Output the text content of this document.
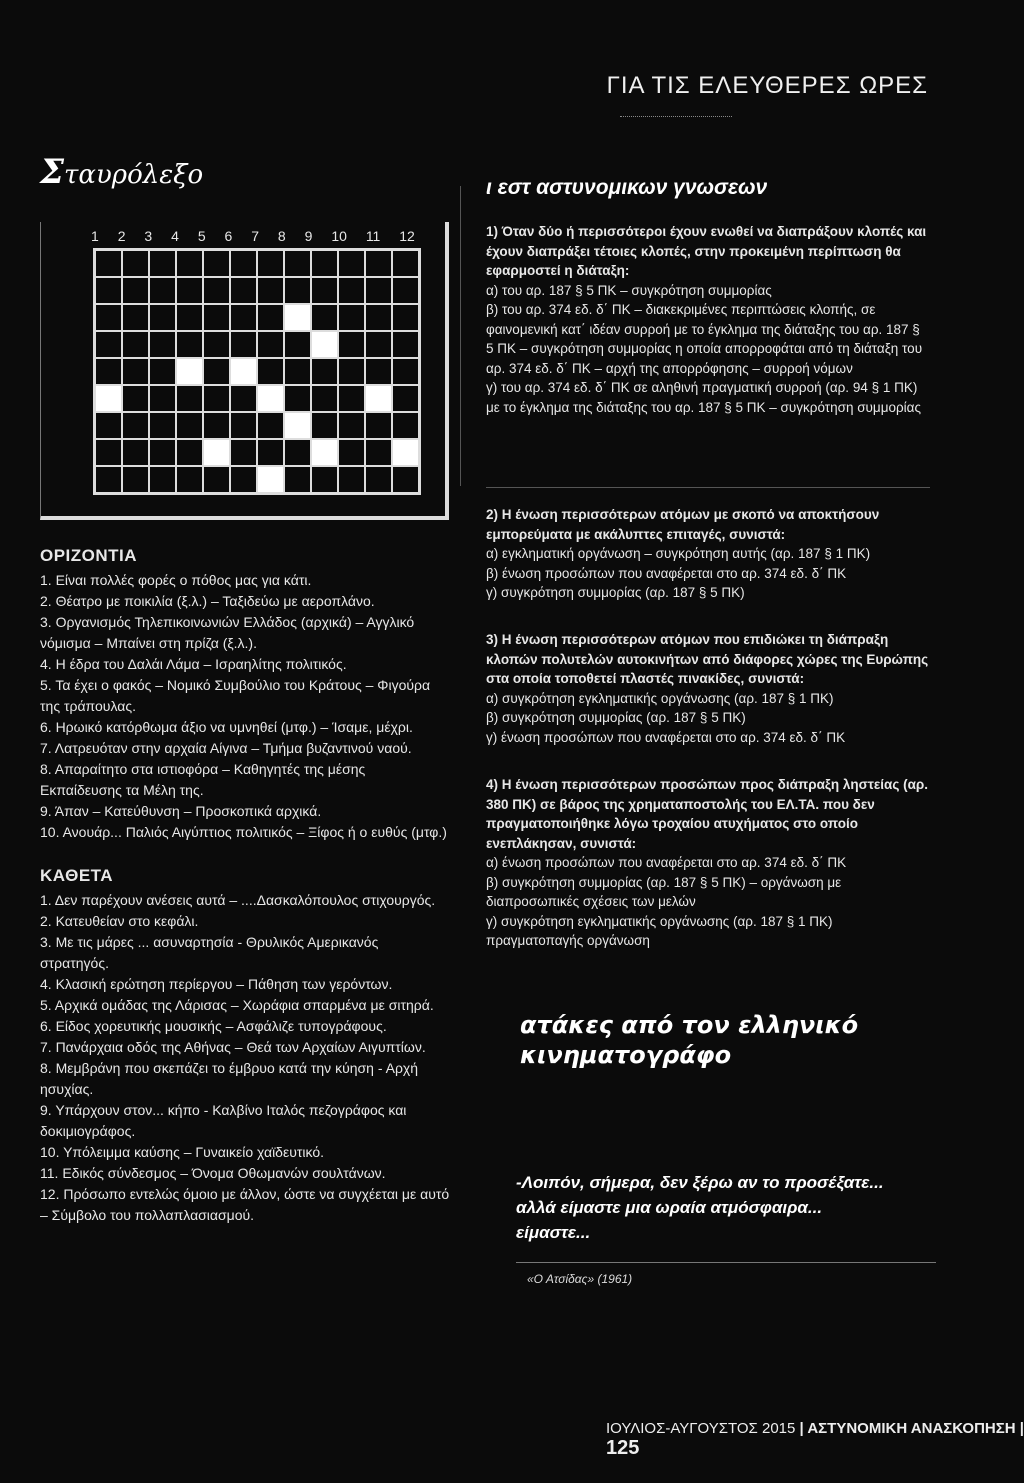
ΓΙΑ ΤΙΣ ΕΛΕΥΘΕΡΕΣ ΩΡΕΣ
Σταυρόλεξο
1 2 3 4 5 6 7 8 9 10 11 12
ΟΡΙΖΟΝΤΙΑ
1. Είναι πολλές φορές ο πόθος μας για κάτι.
2. Θέατρο με ποικιλία (ξ.λ.) – Ταξιδεύω με αεροπλάνο.
3. Οργανισμός Τηλεπικοινωνιών Ελλάδος (αρχικά) – Αγγλικό νόμισμα – Μπαίνει στη πρίζα (ξ.λ.).
4. Η έδρα του Δαλάι Λάμα – Ισραηλίτης πολιτικός.
5. Τα έχει ο φακός – Νομικό Συμβούλιο του Κράτους – Φιγούρα της τράπουλας.
6. Ηρωικό κατόρθωμα άξιο να υμνηθεί (μτφ.) – Ίσαμε, μέχρι.
7. Λατρευόταν στην αρχαία Αίγινα – Τμήμα βυζαντινού ναού.
8. Απαραίτητο στα ιστιοφόρα – Καθηγητές της μέσης Εκπαίδευσης τα Μέλη της.
9. Άπαν – Κατεύθυνση – Προσκοπικά αρχικά.
10. Ανουάρ... Παλιός Αιγύπτιος πολιτικός – Ξίφος ή ο ευθύς (μτφ.)
ΚΑΘΕΤΑ
1. Δεν παρέχουν ανέσεις αυτά – ....Δασκαλόπουλος στιχουργός.
2. Κατευθείαν στο κεφάλι.
3. Με τις μάρες ... ασυναρτησία - Θρυλικός Αμερικανός στρατηγός.
4. Κλασική ερώτηση περίεργου – Πάθηση των γερόντων.
5. Αρχικά ομάδας της Λάρισας – Χωράφια σπαρμένα με σιτηρά.
6. Είδος χορευτικής μουσικής – Ασφάλιζε τυπογράφους.
7. Πανάρχαια οδός της Αθήνας – Θεά των Αρχαίων Αιγυπτίων.
8. Μεμβράνη που σκεπάζει το έμβρυο κατά την κύηση - Αρχή ησυχίας.
9. Υπάρχουν στον... κήπο - Καλβίνο Ιταλός πεζογράφος και δοκιμιογράφος.
10. Υπόλειμμα καύσης – Γυναικείο χαϊδευτικό.
11. Εδικός σύνδεσμος – Όνομα Οθωμανών σουλτάνων.
12. Πρόσωπο εντελώς όμοιο με άλλον, ώστε να συγχέεται με αυτό – Σύμβολο του πολλαπλασιασμού.
ι εστ αστυνομικων γνωσεων
1) Όταν δύο ή περισσότεροι έχουν ενωθεί να διαπράξουν κλοπές και έχουν διαπράξει τέτοιες κλοπές, στην προκειμένη περίπτωση θα εφαρμοστεί η διάταξη:
α) του αρ. 187 § 5 ΠΚ – συγκρότηση συμμορίας
β) του αρ. 374 εδ. δ΄ ΠΚ – διακεκριμένες περιπτώσεις κλοπής, σε φαινομενική κατ΄ ιδέαν συρροή με το έγκλημα της διάταξης του αρ. 187 § 5 ΠΚ – συγκρότηση συμμορίας η οποία απορροφάται από τη διάταξη του αρ. 374 εδ. δ΄ ΠΚ – αρχή της απορρόφησης – συρροή νόμων
γ) του αρ. 374 εδ. δ΄ ΠΚ σε αληθινή πραγματική συρροή (αρ. 94 § 1 ΠΚ) με το έγκλημα της διάταξης του αρ. 187 § 5 ΠΚ – συγκρότηση συμμορίας
2) Η ένωση περισσότερων ατόμων με σκοπό να αποκτήσουν εμπορεύματα με ακάλυπτες επιταγές, συνιστά:
α) εγκληματική οργάνωση – συγκρότηση αυτής (αρ. 187 § 1 ΠΚ)
β) ένωση προσώπων που αναφέρεται στο αρ. 374 εδ. δ΄ ΠΚ
γ) συγκρότηση συμμορίας (αρ. 187 § 5 ΠΚ)
3) Η ένωση περισσότερων ατόμων που επιδιώκει τη διάπραξη κλοπών πολυτελών αυτοκινήτων από διάφορες χώρες της Ευρώπης στα οποία τοποθετεί πλαστές πινακίδες, συνιστά:
α) συγκρότηση εγκληματικής οργάνωσης (αρ. 187 § 1 ΠΚ)
β) συγκρότηση συμμορίας (αρ. 187 § 5 ΠΚ)
γ) ένωση προσώπων που αναφέρεται στο αρ. 374 εδ. δ΄ ΠΚ
4) Η ένωση περισσότερων προσώπων προς διάπραξη ληστείας (αρ. 380 ΠΚ) σε βάρος της χρηματαποστολής του ΕΛ.ΤΑ. που δεν πραγματοποιήθηκε λόγω τροχαίου ατυχήματος στο οποίο ενεπλάκησαν, συνιστά:
α) ένωση προσώπων που αναφέρεται στο αρ. 374 εδ. δ΄ ΠΚ
β) συγκρότηση συμμορίας (αρ. 187 § 5 ΠΚ) – οργάνωση με διαπροσωπικές σχέσεις των μελών
γ) συγκρότηση εγκληματικής οργάνωσης (αρ. 187 § 1 ΠΚ) πραγματοπαγής οργάνωση
ατάκες από τον ελληνικό
κινηματογράφο
-Λοιπόν, σήμερα, δεν ξέρω αν το προσέξατε... αλλά είμαστε μια ωραία ατμόσφαιρα... είμαστε...
«Ο Ατσίδας» (1961)
ΙΟΥΛΙΟΣ-ΑΥΓΟΥΣΤΟΣ 2015 | ΑΣΤΥΝΟΜΙΚΗ ΑΝΑΣΚΟΠΗΣΗ | 125
